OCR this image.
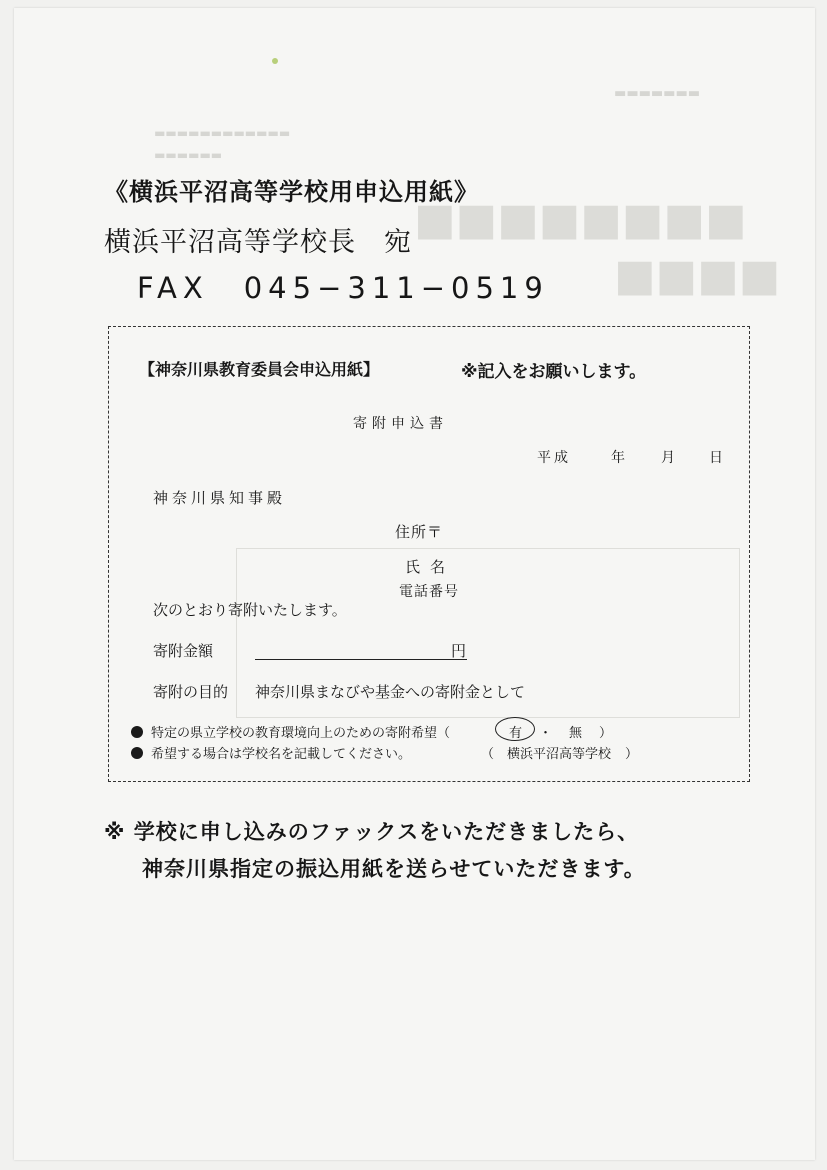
■■■■■■■■
■■■■
▬▬▬▬▬▬▬
▬▬▬▬▬▬▬▬▬▬▬▬
▬▬▬▬▬▬
《横浜平沼高等学校用申込用紙》
横浜平沼高等学校長　宛
FAX　045−311−0519
【神奈川県教育委員会申込用紙】	※記入をお願いします。
寄附申込書
平成	年	月 日
神奈川県知事殿
住所〒
氏名
電話番号
次のとおり寄附いたします。
寄附金額	円
寄附の目的 神奈川県まなびや基金への寄附金として
特定の県立学校の教育環境向上のための寄附希望（	有 ・ 無 ）
希望する場合は学校名を記載してください。	（ 横浜平沼高等学校 ）
※ 学校に申し込みのファックスをいただきましたら、
神奈川県指定の振込用紙を送らせていただきます。
